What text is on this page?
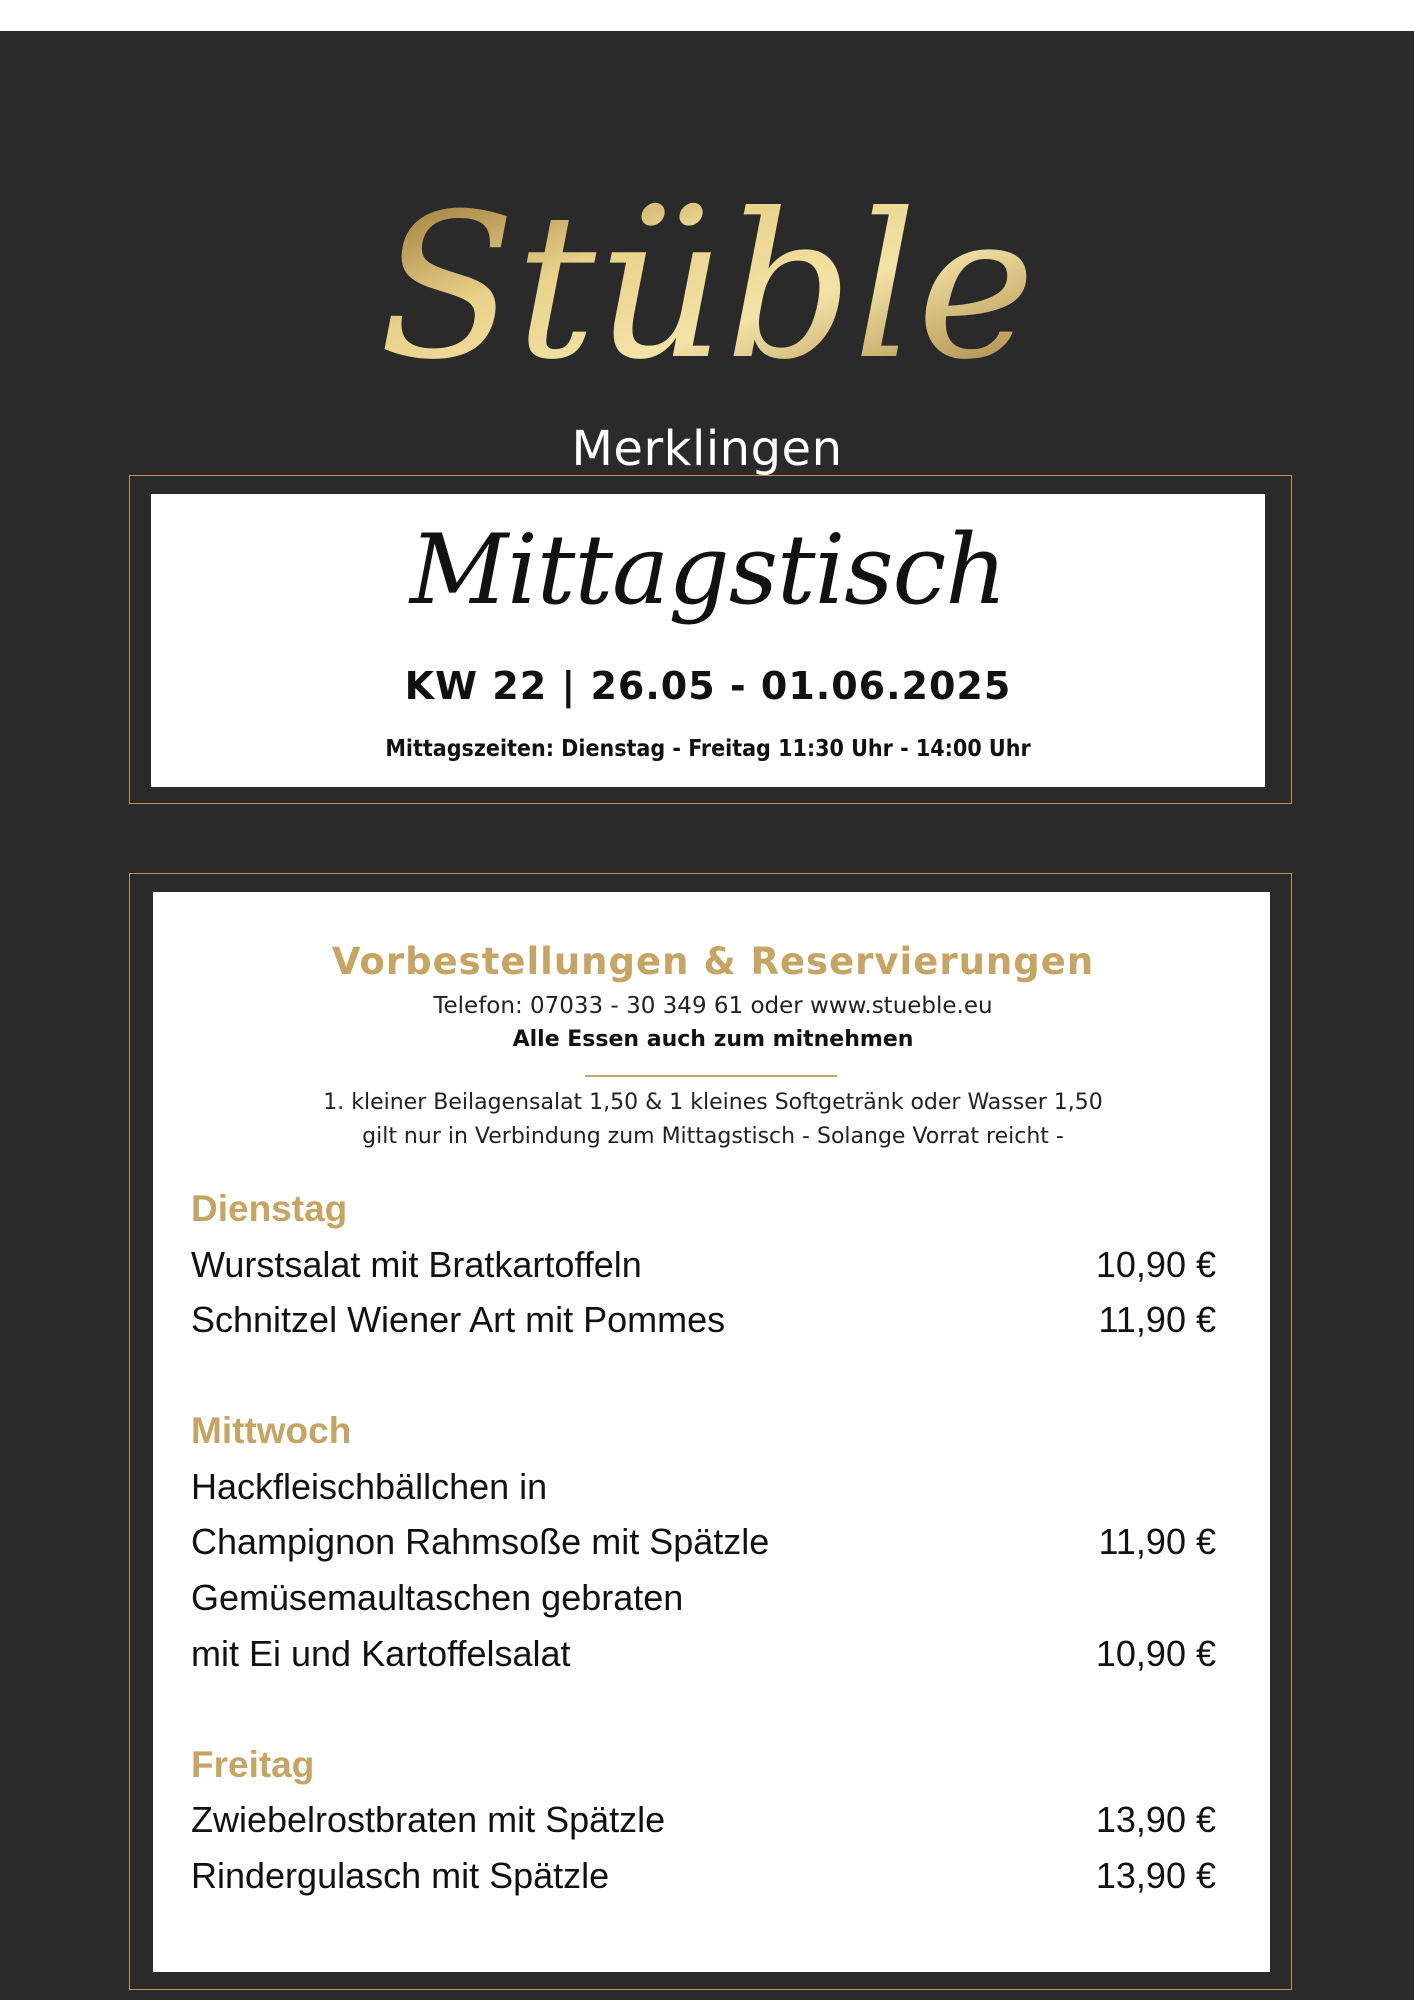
Stüble
Merklingen
Mittagstisch
KW 22 | 26.05 - 01.06.2025
Mittagszeiten: Dienstag - Freitag 11:30 Uhr - 14:00 Uhr
Vorbestellungen & Reservierungen
Telefon: 07033 - 30 349 61 oder www.stueble.eu
Alle Essen auch zum mitnehmen
1. kleiner Beilagensalat 1,50 & 1 kleines Softgetränk oder Wasser 1,50
gilt nur in Verbindung zum Mittagstisch - Solange Vorrat reicht -
Dienstag
Wurstsalat mit Bratkartoffeln	10,90 €
Schnitzel Wiener Art mit Pommes	11,90 €
Mittwoch
Hackfleischbällchen in
Champignon Rahmsoße mit Spätzle	11,90 €
Gemüsemaultaschen gebraten
mit Ei und Kartoffelsalat	10,90 €
Freitag
Zwiebelrostbraten mit Spätzle	13,90 €
Rindergulasch mit Spätzle	13,90 €
